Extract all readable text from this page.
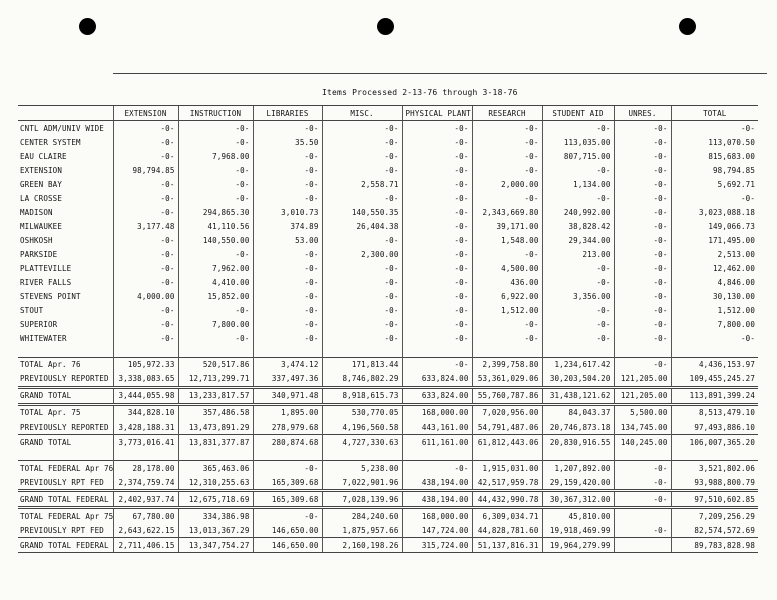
Items Processed 2-13-76 through 3-18-76
	EXTENSION	INSTRUCTION	LIBRARIES	MISC.	PHYSICAL PLANT	RESEARCH	STUDENT AID	UNRES.	TOTAL
CNTL ADM/UNIV WIDE	-0-	-0-	-0-	-0-	-0-	-0-	-0-	-0-	-0-
CENTER SYSTEM	-0-	-0-	35.50	-0-	-0-	-0-	113,035.00	-0-	113,070.50
EAU CLAIRE	-0-	7,968.00	-0-	-0-	-0-	-0-	807,715.00	-0-	815,683.00
EXTENSION	98,794.85	-0-	-0-	-0-	-0-	-0-	-0-	-0-	98,794.85
GREEN BAY	-0-	-0-	-0-	2,558.71	-0-	2,000.00	1,134.00	-0-	5,692.71
LA CROSSE	-0-	-0-	-0-	-0-	-0-	-0-	-0-	-0-	-0-
MADISON	-0-	294,865.30	3,010.73	140,550.35	-0-	2,343,669.80	240,992.00	-0-	3,023,088.18
MILWAUKEE	3,177.48	41,110.56	374.89	26,404.38	-0-	39,171.00	38,828.42	-0-	149,066.73
OSHKOSH	-0-	140,550.00	53.00	-0-	-0-	1,548.00	29,344.00	-0-	171,495.00
PARKSIDE	-0-	-0-	-0-	2,300.00	-0-	-0-	213.00	-0-	2,513.00
PLATTEVILLE	-0-	7,962.00	-0-	-0-	-0-	4,500.00	-0-	-0-	12,462.00
RIVER FALLS	-0-	4,410.00	-0-	-0-	-0-	436.00	-0-	-0-	4,846.00
STEVENS POINT	4,000.00	15,852.00	-0-	-0-	-0-	6,922.00	3,356.00	-0-	30,130.00
STOUT	-0-	-0-	-0-	-0-	-0-	1,512.00	-0-	-0-	1,512.00
SUPERIOR	-0-	7,800.00	-0-	-0-	-0-	-0-	-0-	-0-	7,800.00
WHITEWATER	-0-	-0-	-0-	-0-	-0-	-0-	-0-	-0-	-0-

TOTAL Apr. 76	105,972.33	520,517.86	3,474.12	171,813.44	-0-	2,399,758.80	1,234,617.42	-0-	4,436,153.97
PREVIOUSLY REPORTED	3,338,083.65	12,713,299.71	337,497.36	8,746,802.29	633,824.00	53,361,029.06	30,203,504.20	121,205.00	109,455,245.27
GRAND TOTAL	3,444,055.98	13,233,817.57	340,971.48	8,918,615.73	633,824.00	55,760,787.86	31,438,121.62	121,205.00	113,891,399.24
TOTAL Apr. 75	344,828.10	357,486.58	1,895.00	530,770.05	168,000.00	7,020,956.00	84,043.37	5,500.00	8,513,479.10
PREVIOUSLY REPORTED	3,428,188.31	13,473,891.29	278,979.68	4,196,560.58	443,161.00	54,791,487.06	20,746,873.18	134,745.00	97,493,886.10
GRAND TOTAL	3,773,016.41	13,831,377.87	280,874.68	4,727,330.63	611,161.00	61,812,443.06	20,830,916.55	140,245.00	106,007,365.20

TOTAL FEDERAL Apr 76	28,178.00	365,463.06	-0-	5,238.00	-0-	1,915,031.00	1,207,892.00	-0-	3,521,802.06
PREVIOUSLY RPT FED	2,374,759.74	12,310,255.63	165,309.68	7,022,901.96	438,194.00	42,517,959.78	29,159,420.00	-0-	93,988,800.79
GRAND TOTAL FEDERAL	2,402,937.74	12,675,718.69	165,309.68	7,028,139.96	438,194.00	44,432,990.78	30,367,312.00	-0-	97,510,602.85
TOTAL FEDERAL Apr 75	67,780.00	334,386.98	-0-	284,240.60	168,000.00	6,309,034.71	45,810.00		7,209,256.29
PREVIOUSLY RPT FED	2,643,622.15	13,013,367.29	146,650.00	1,875,957.66	147,724.00	44,828,781.60	19,918,469.99	-0-	82,574,572.69
GRAND TOTAL FEDERAL	2,711,406.15	13,347,754.27	146,650.00	2,160,198.26	315,724.00	51,137,816.31	19,964,279.99		89,783,828.98
